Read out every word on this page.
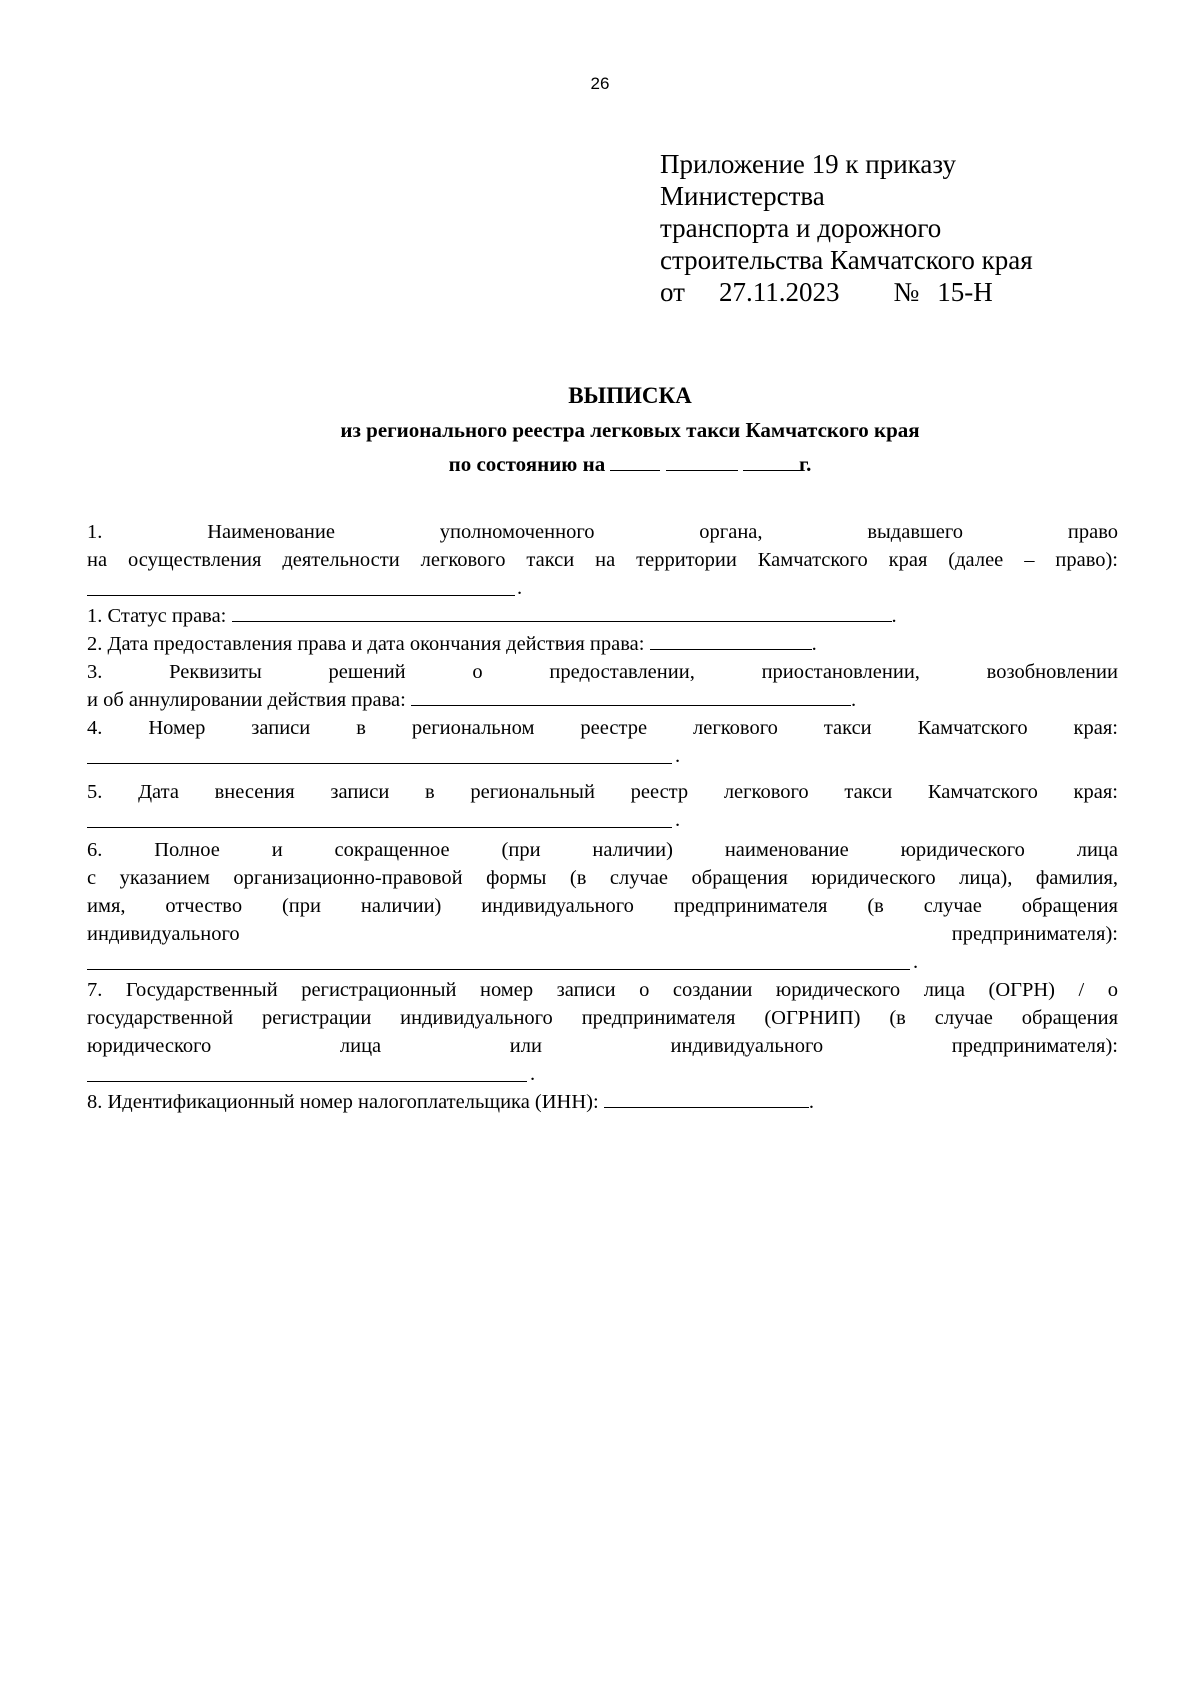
26
Приложение 19 к приказу
Министерства
транспорта и дорожного
строительства Камчатского края
от 27.11.2023 № 15-Н
ВЫПИСКА
из регионального реестра легковых такси Камчатского края
по состоянию на	г.
1. Наименование уполномоченного органа, выдавшего право
на осуществления деятельности легкового такси на территории Камчатского края (далее – право):
.
1. Статус права:	.
2. Дата предоставления права и дата окончания действия права:	.
3. Реквизиты решений о предоставлении, приостановлении, возобновлении
и об аннулировании действия права:	.
4. Номер записи в региональном реестре легкового такси Камчатского края:
.
5. Дата внесения записи в региональный реестр легкового такси Камчатского края:
.
6. Полное и сокращенное (при наличии) наименование юридического лица
с указанием организационно-правовой формы (в случае обращения юридического лица), фамилия,
имя, отчество (при наличии) индивидуального предпринимателя (в случае обращения
индивидуального предпринимателя):
.
7. Государственный регистрационный номер записи о создании юридического лица (ОГРН) / о
государственной регистрации индивидуального предпринимателя (ОГРНИП) (в случае обращения
юридического лица или индивидуального предпринимателя):
.
8. Идентификационный номер налогоплательщика (ИНН):	.
